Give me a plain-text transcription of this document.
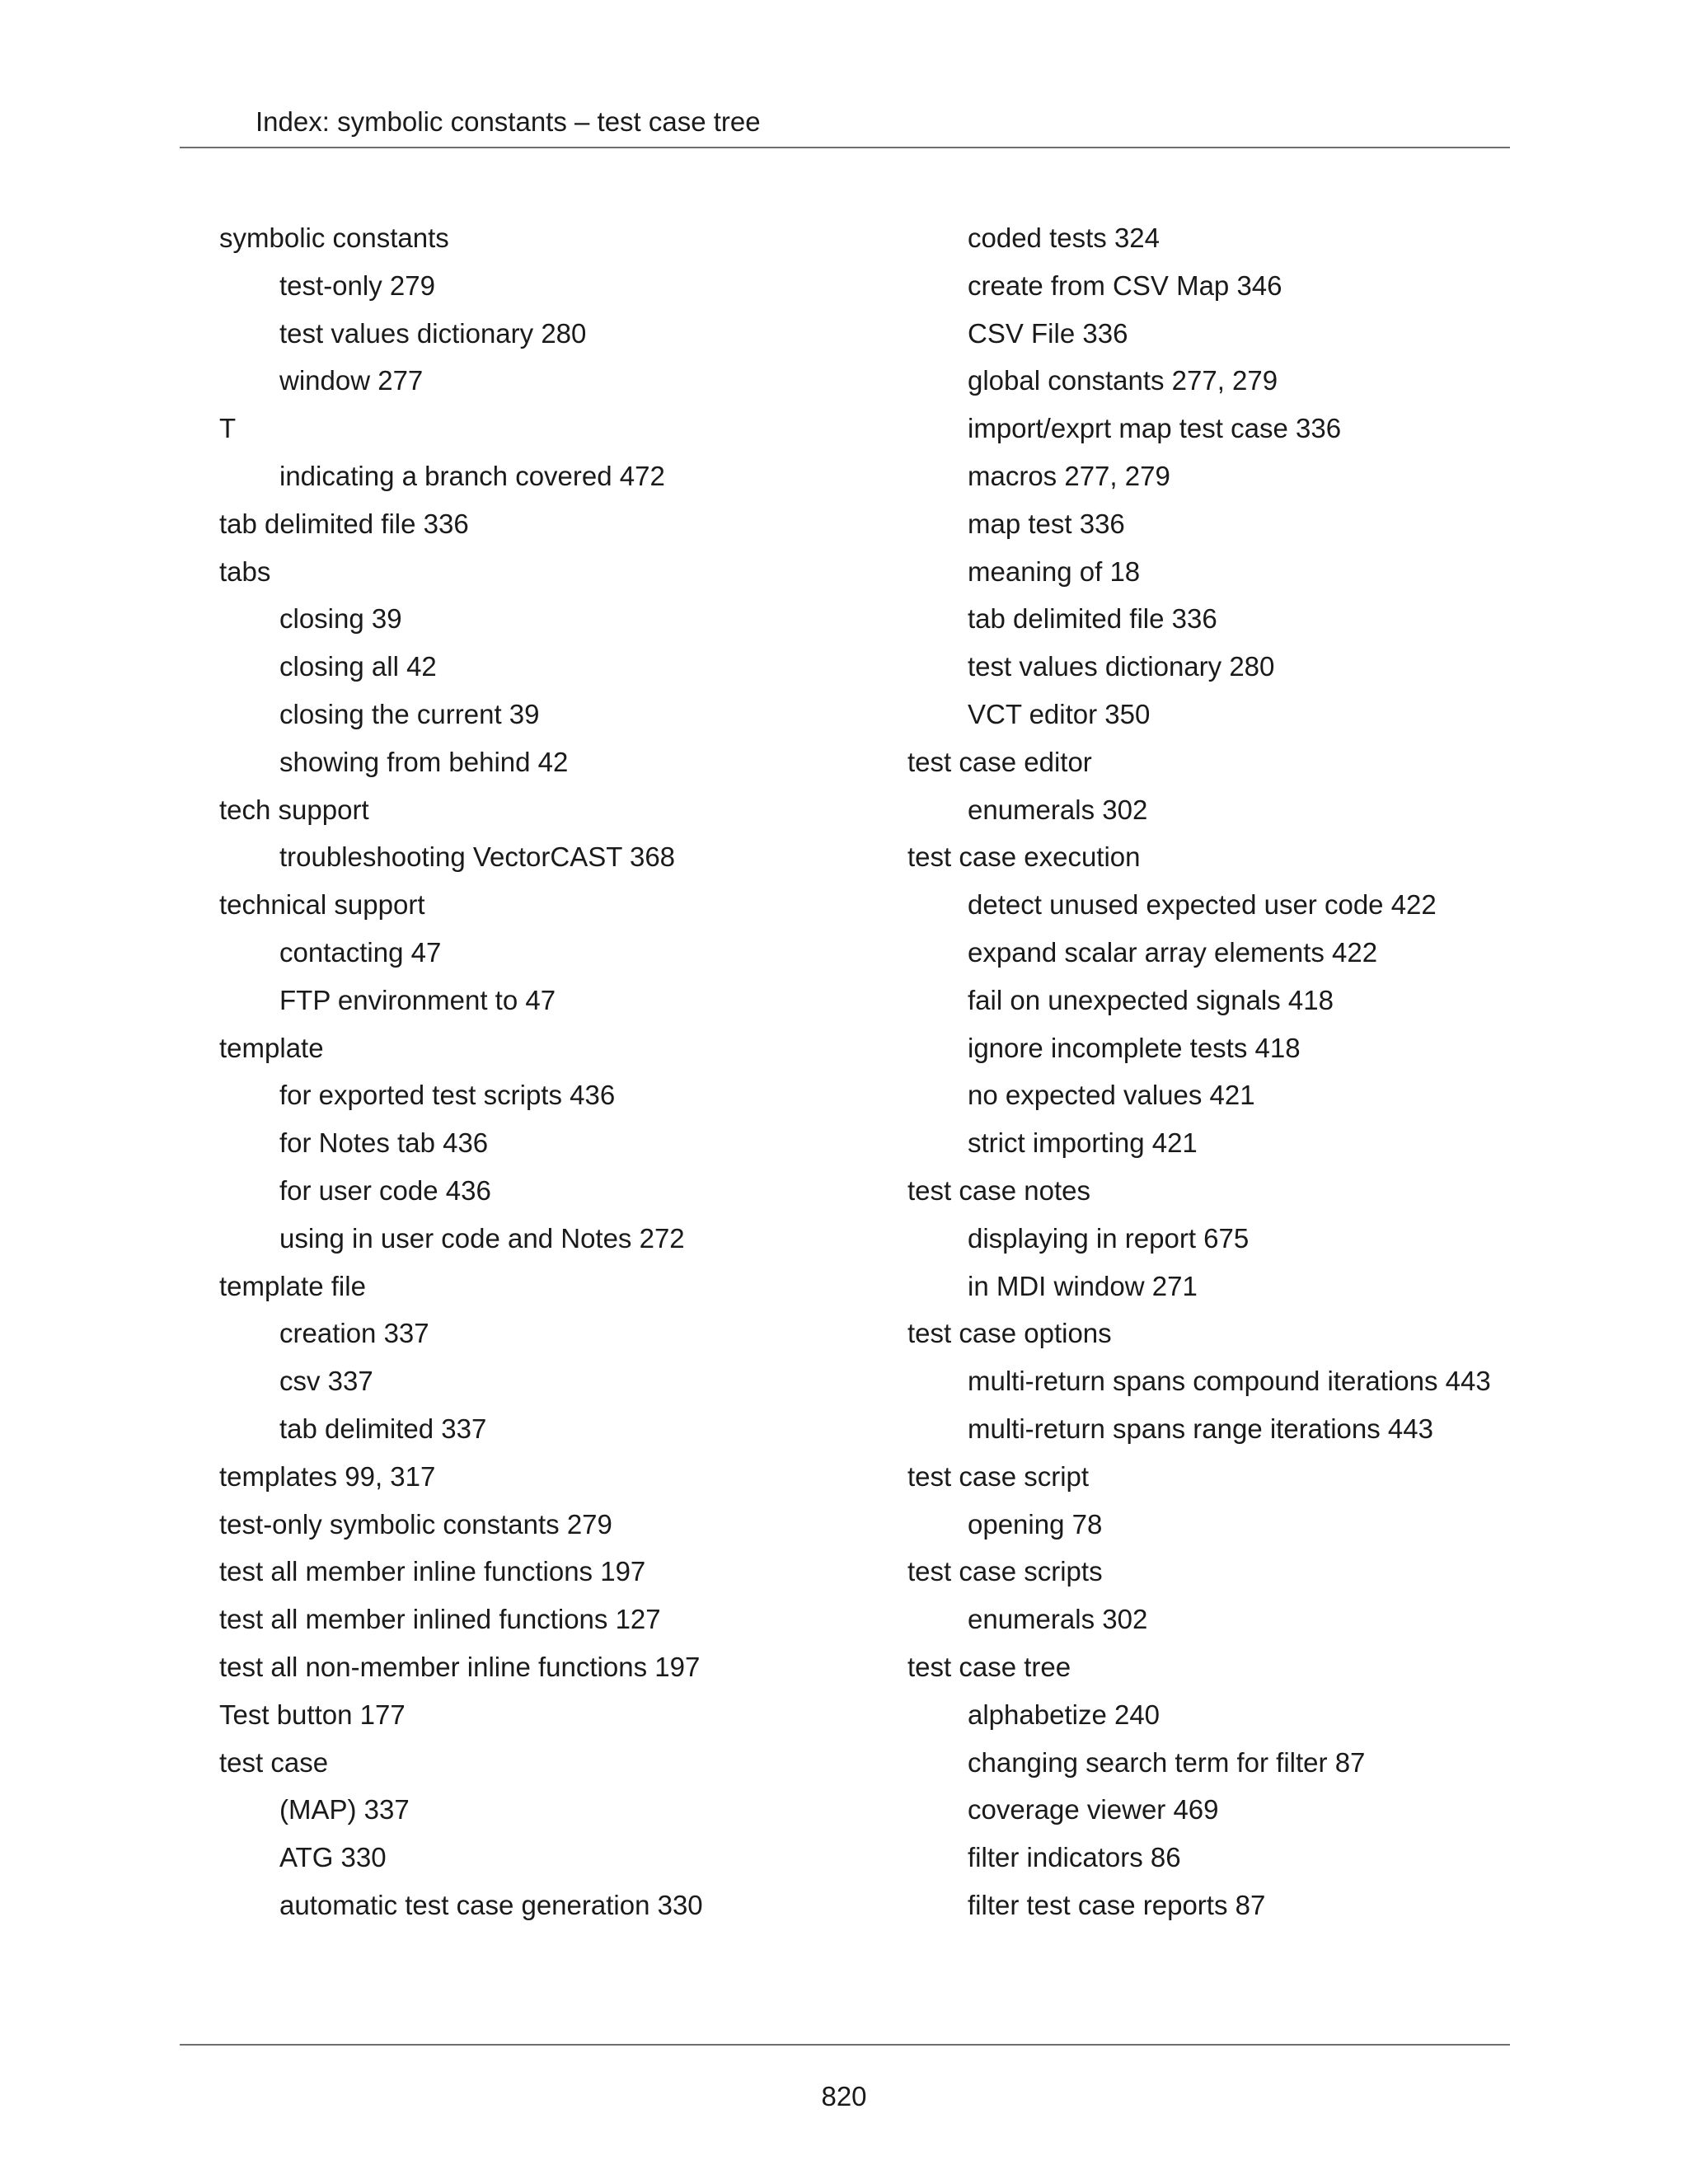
Index: symbolic constants – test case tree
symbolic constants
test-only 279
test values dictionary 280
window 277
T
indicating a branch covered 472
tab delimited file 336
tabs
closing 39
closing all 42
closing the current 39
showing from behind 42
tech support
troubleshooting VectorCAST 368
technical support
contacting 47
FTP environment to 47
template
for exported test scripts 436
for Notes tab 436
for user code 436
using in user code and Notes 272
template file
creation 337
csv 337
tab delimited 337
templates 99, 317
test-only symbolic constants 279
test all member inline functions 197
test all member inlined functions 127
test all non-member inline functions 197
Test button 177
test case
(MAP) 337
ATG 330
automatic test case generation 330
coded tests 324
create from CSV Map 346
CSV File 336
global constants 277, 279
import/exprt map test case 336
macros 277, 279
map test 336
meaning of 18
tab delimited file 336
test values dictionary 280
VCT editor 350
test case editor
enumerals 302
test case execution
detect unused expected user code 422
expand scalar array elements 422
fail on unexpected signals 418
ignore incomplete tests 418
no expected values 421
strict importing 421
test case notes
displaying in report 675
in MDI window 271
test case options
multi-return spans compound iterations 443
multi-return spans range iterations 443
test case script
opening 78
test case scripts
enumerals 302
test case tree
alphabetize 240
changing search term for filter 87
coverage viewer 469
filter indicators 86
filter test case reports 87
820
